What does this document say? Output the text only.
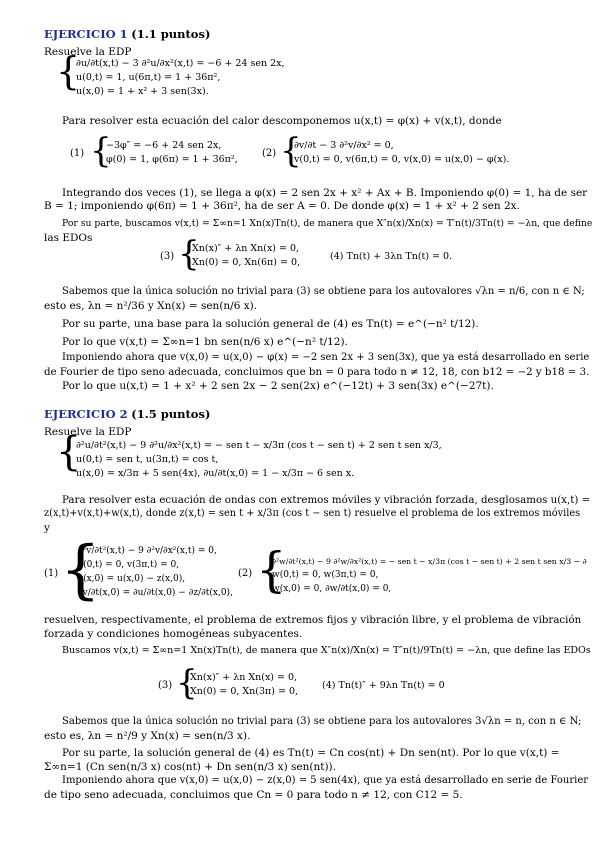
EJERCICIO 1 (1.1 puntos)
Resuelve la EDP
{
∂u/∂t(x,t) − 3 ∂²u/∂x²(x,t) = −6 + 24 sen 2x,
u(0,t) = 1, u(6π,t) = 1 + 36π²,
u(x,0) = 1 + x² + 3 sen(3x).
Para resolver esta ecuación del calor descomponemos u(x,t) = φ(x) + v(x,t), donde
(1) {
−3φ″ = −6 + 24 sen 2x,
φ(0) = 1, φ(6π) = 1 + 36π²,
(2) {
∂v/∂t − 3 ∂²v/∂x² = 0,
v(0,t) = 0, v(6π,t) = 0, v(x,0) = u(x,0) − φ(x).
Integrando dos veces (1), se llega a φ(x) = 2 sen 2x + x² + Ax + B. Imponiendo φ(0) = 1, ha de ser
B = 1; imponiendo φ(6π) = 1 + 36π², ha de ser A = 0. De donde φ(x) = 1 + x² + 2 sen 2x.
Por su parte, buscamos v(x,t) = Σ∞n=1 Xn(x)Tn(t), de manera que X″n(x)/Xn(x) = T′n(t)/3Tn(t) = −λn, que define
las EDOs
(3) {
Xn(x)″ + λn Xn(x) = 0,
Xn(0) = 0, Xn(6π) = 0,
(4) Tn(t) + 3λn Tn(t) = 0.
Sabemos que la única solución no trivial para (3) se obtiene para los autovalores √λn = n/6, con n ∈ N;
esto es, λn = n²/36 y Xn(x) = sen(n/6 x).
Por su parte, una base para la solución general de (4) es Tn(t) = e^(−n² t/12).
Por lo que v(x,t) = Σ∞n=1 bn sen(n/6 x) e^(−n² t/12).
Imponiendo ahora que v(x,0) = u(x,0) − φ(x) = −2 sen 2x + 3 sen(3x), que ya está desarrollado en serie
de Fourier de tipo seno adecuada, concluimos que bn = 0 para todo n ≠ 12, 18, con b12 = −2 y b18 = 3.
Por lo que u(x,t) = 1 + x² + 2 sen 2x − 2 sen(2x) e^(−12t) + 3 sen(3x) e^(−27t).
EJERCICIO 2 (1.5 puntos)
Resuelve la EDP
{
∂²u/∂t²(x,t) − 9 ∂²u/∂x²(x,t) = − sen t − x/3π (cos t − sen t) + 2 sen t sen x/3,
u(0,t) = sen t, u(3π,t) = cos t,
u(x,0) = x/3π + 5 sen(4x), ∂u/∂t(x,0) = 1 − x/3π − 6 sen x.
Para resolver esta ecuación de ondas con extremos móviles y vibración forzada, desglosamos u(x,t) =
z(x,t)+v(x,t)+w(x,t), donde z(x,t) = sen t + x/3π (cos t − sen t) resuelve el problema de los extremos móviles
y
(1) {
∂²v/∂t²(x,t) − 9 ∂²v/∂x²(x,t) = 0,
v(0,t) = 0, v(3π,t) = 0,
v(x,0) = u(x,0) − z(x,0),
∂v/∂t(x,0) = ∂u/∂t(x,0) − ∂z/∂t(x,0),
(2) {
∂²w/∂t²(x,t) − 9 ∂²w/∂x²(x,t) = − sen t − x/3π (cos t − sen t) + 2 sen t sen x/3 − ∂
w(0,t) = 0, w(3π,t) = 0,
w(x,0) = 0, ∂w/∂t(x,0) = 0,
resuelven, respectivamente, el problema de extremos fijos y vibración libre, y el problema de vibración
forzada y condiciones homogéneas subyacentes.
Buscamos v(x,t) = Σ∞n=1 Xn(x)Tn(t), de manera que X″n(x)/Xn(x) = T″n(t)/9Tn(t) = −λn, que define las EDOs
(3) {
Xn(x)″ + λn Xn(x) = 0,
Xn(0) = 0, Xn(3π) = 0,
(4) Tn(t)″ + 9λn Tn(t) = 0
Sabemos que la única solución no trivial para (3) se obtiene para los autovalores 3√λn = n, con n ∈ N;
esto es, λn = n²/9 y Xn(x) = sen(n/3 x).
Por su parte, la solución general de (4) es Tn(t) = Cn cos(nt) + Dn sen(nt). Por lo que v(x,t) =
Σ∞n=1 (Cn sen(n/3 x) cos(nt) + Dn sen(n/3 x) sen(nt)).
Imponiendo ahora que v(x,0) = u(x,0) − z(x,0) = 5 sen(4x), que ya está desarrollado en serie de Fourier
de tipo seno adecuada, concluimos que Cn = 0 para todo n ≠ 12, con C12 = 5.
